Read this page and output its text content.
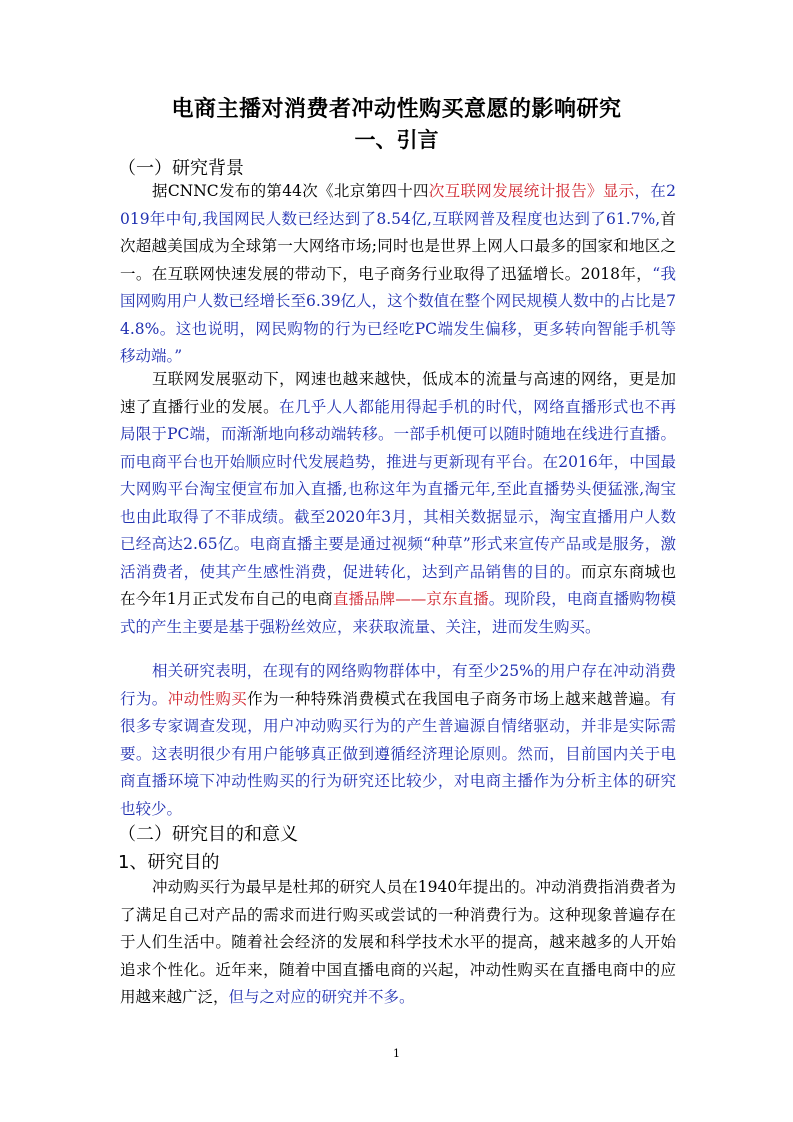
电商主播对消费者冲动性购买意愿的影响研究
一、引言
（一）研究背景
据CNNC发布的第44次《北京第四十四次互联网发展统计报告》显示，在2019年中旬,我国网民人数已经达到了8.54亿,互联网普及程度也达到了61.7%,首次超越美国成为全球第一大网络市场;同时也是世界上网人口最多的国家和地区之一。在互联网快速发展的带动下，电子商务行业取得了迅猛增长。2018年，“我国网购用户人数已经增长至6.39亿人，这个数值在整个网民规模人数中的占比是74.8%。这也说明，网民购物的行为已经吃PC端发生偏移，更多转向智能手机等移动端。”
互联网发展驱动下，网速也越来越快，低成本的流量与高速的网络，更是加速了直播行业的发展。在几乎人人都能用得起手机的时代，网络直播形式也不再局限于PC端，而渐渐地向移动端转移。一部手机便可以随时随地在线进行直播。而电商平台也开始顺应时代发展趋势，推进与更新现有平台。在2016年，中国最大网购平台淘宝便宣布加入直播,也称这年为直播元年,至此直播势头便猛涨,淘宝也由此取得了不菲成绩。截至2020年3月，其相关数据显示，淘宝直播用户人数已经高达2.65亿。电商直播主要是通过视频“种草”形式来宣传产品或是服务，激活消费者，使其产生感性消费，促进转化，达到产品销售的目的。而京东商城也在今年1月正式发布自己的电商直播品牌——京东直播。现阶段，电商直播购物模式的产生主要是基于强粉丝效应，来获取流量、关注，进而发生购买。
相关研究表明，在现有的网络购物群体中，有至少25%的用户存在冲动消费行为。冲动性购买作为一种特殊消费模式在我国电子商务市场上越来越普遍。有很多专家调查发现，用户冲动购买行为的产生普遍源自情绪驱动，并非是实际需要。这表明很少有用户能够真正做到遵循经济理论原则。然而，目前国内关于电商直播环境下冲动性购买的行为研究还比较少，对电商主播作为分析主体的研究也较少。
（二）研究目的和意义
1、研究目的
冲动购买行为最早是杜邦的研究人员在1940年提出的。冲动消费指消费者为了满足自己对产品的需求而进行购买或尝试的一种消费行为。这种现象普遍存在于人们生活中。随着社会经济的发展和科学技术水平的提高，越来越多的人开始追求个性化。近年来，随着中国直播电商的兴起，冲动性购买在直播电商中的应用越来越广泛，但与之对应的研究并不多。
1
